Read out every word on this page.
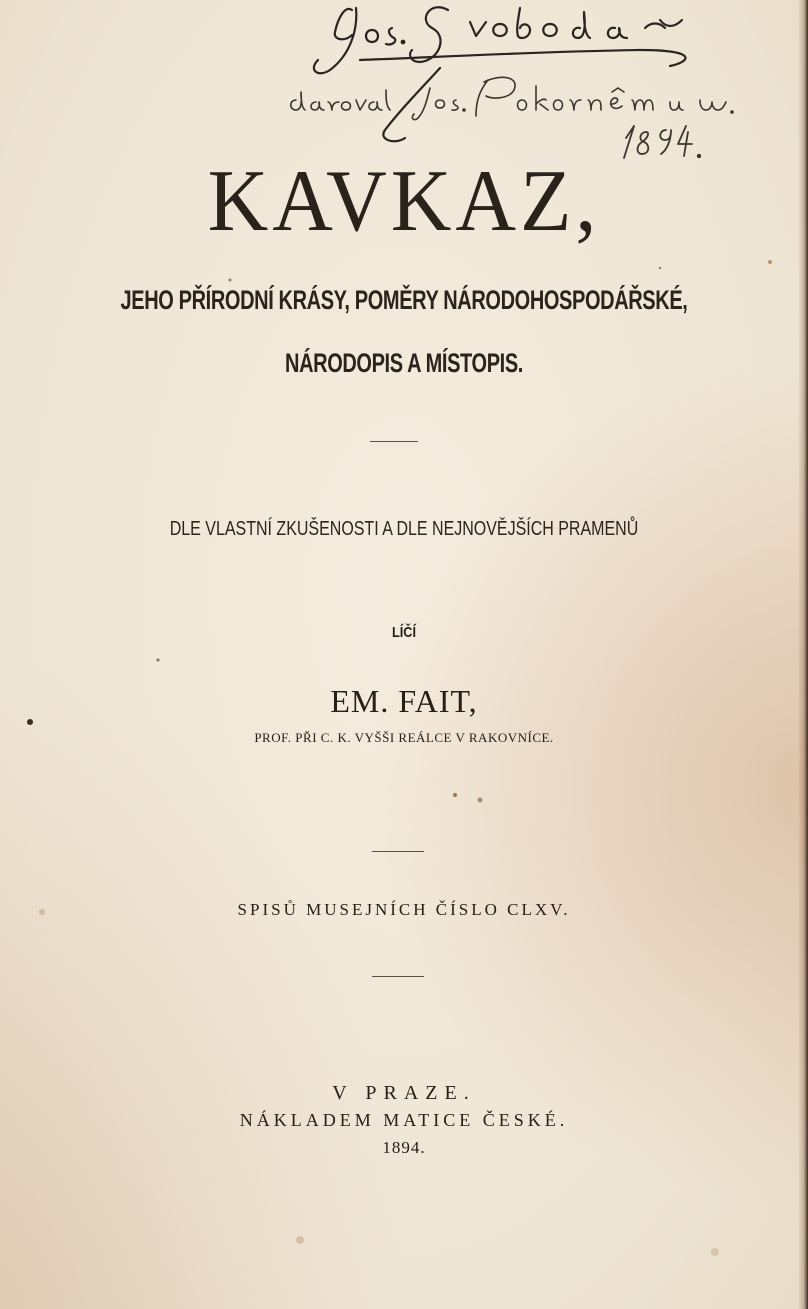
KAVKAZ,
JEHO PŘÍRODNÍ KRÁSY, POMĚRY NÁRODOHOSPODÁŘSKÉ,
NÁRODOPIS A MÍSTOPIS.
DLE VLASTNÍ ZKUŠENOSTI A DLE NEJNOVĚJŠÍCH PRAMENŮ
LÍČÍ
EM. FAIT,
PROF. PŘI C. K. VYŠŠI REÁLCE V RAKOVNÍCE.
SPISŮ MUSEJNÍCH ČÍSLO CLXV.
V PRAZE.
NÁKLADEM MATICE ČESKÉ.
1894.
